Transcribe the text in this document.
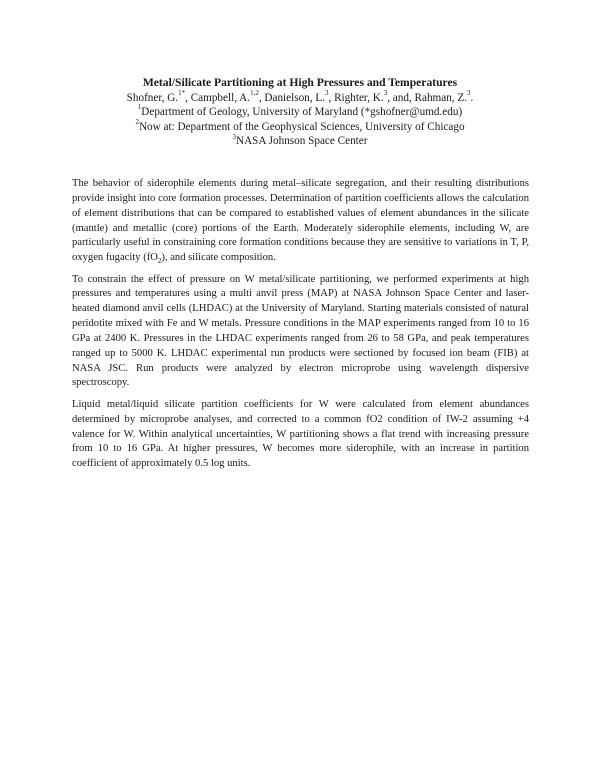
Metal/Silicate Partitioning at High Pressures and Temperatures

Shofner, G.$^{1*}$, Campbell, A.$^{1,2}$, Danielson, L.$^3$, Righter, K.$^3$, and, Rahman, Z.$^3$.

$^1$Department of Geology, University of Maryland (*gshofner@umd.edu)

$^2$Now at: Department of the Geophysical Sciences, University of Chicago

$^3$NASA Johnson Space Center

The behavior of siderophile elements during metal–silicate segregation, and their resulting distributions provide insight into core formation processes. Determination of partition coefficients allows the calculation of element distributions that can be compared to established values of element abundances in the silicate (mantle) and metallic (core) portions of the Earth. Moderately siderophile elements, including W, are particularly useful in constraining core formation conditions because they are sensitive to variations in T, P, oxygen fugacity $(fO_2)$, and silicate composition.

To constrain the effect of pressure on W metal/silicate partitioning, we performed experiments at high pressures and temperatures using a multi anvil press (MAP) at NASA Johnson Space Center and laser-heated diamond anvil cells (LHDAC) at the University of Maryland. Starting materials consisted of natural peridotite mixed with Fe and W metals. Pressure conditions in the MAP experiments ranged from 10 to 16 GPa at 2400 K. Pressures in the LHDAC experiments ranged from 26 to 58 GPa, and peak temperatures ranged up to 5000 K. LHDAC experimental run products were sectioned by focused ion beam (FIB) at NASA JSC. Run products were analyzed by electron microprobe using wavelength dispersive spectroscopy.

Liquid metal/liquid silicate partition coefficients for W were calculated from element abundances determined by microprobe analyses, and corrected to a common fO2 condition of IW-2 assuming +4 valence for W. Within analytical uncertainties, W partitioning shows a flat trend with increasing pressure from 10 to 16 GPa. At higher pressures, W becomes more siderophile, with an increase in partition coefficient of approximately 0.5 log units.
